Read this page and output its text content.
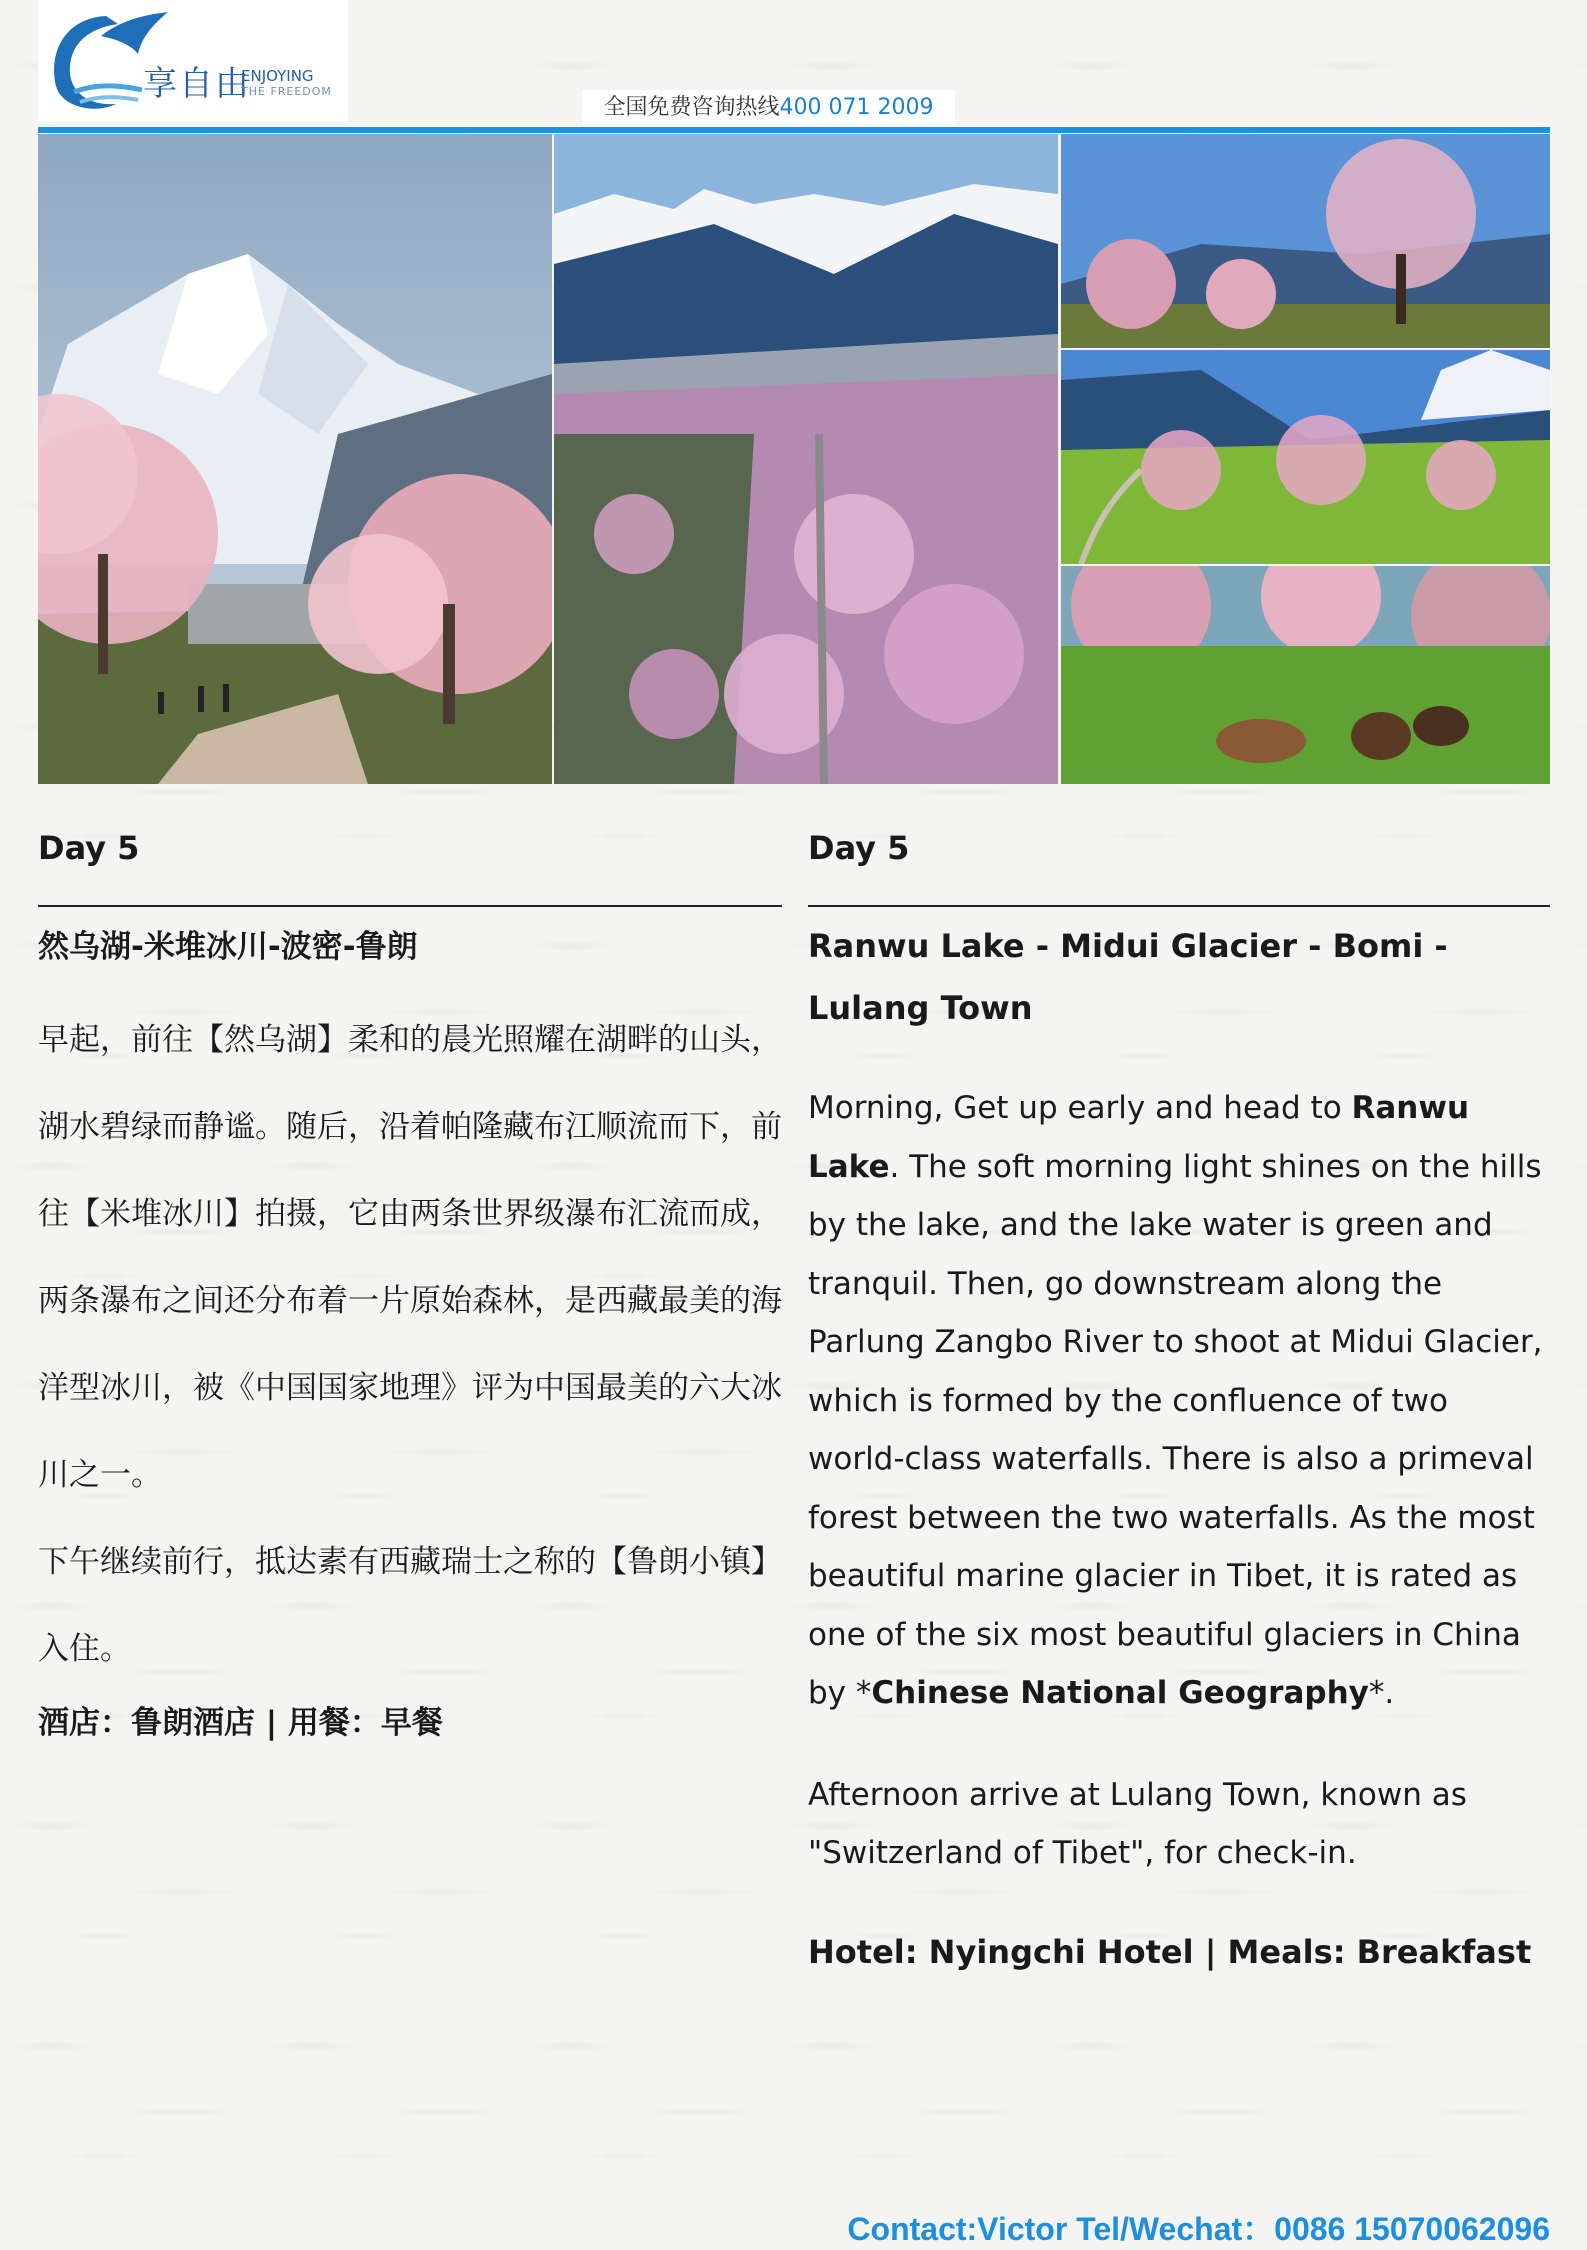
享自由
ENJOYING
THE FREEDOM
全国免费咨询热线400 071 2009

Day 5

然乌湖-米堆冰川-波密-鲁朗

早起，前往【然乌湖】柔和的晨光照耀在湖畔的山头，湖水碧绿而静谧。随后，沿着帕隆藏布江顺流而下，前往【米堆冰川】拍摄，它由两条世界级瀑布汇流而成，两条瀑布之间还分布着一片原始森林，是西藏最美的海洋型冰川，被《中国国家地理》评为中国最美的六大冰川之一。

下午继续前行，抵达素有西藏瑞士之称的【鲁朗小镇】入住。

酒店：鲁朗酒店 | 用餐：早餐

Day 5

Ranwu Lake - Midui Glacier - Bomi - Lulang Town

Morning, Get up early and head to Ranwu Lake. The soft morning light shines on the hills by the lake, and the lake water is green and tranquil. Then, go downstream along the Parlung Zangbo River to shoot at Midui Glacier, which is formed by the confluence of two world-class waterfalls. There is also a primeval forest between the two waterfalls. As the most beautiful marine glacier in Tibet, it is rated as one of the six most beautiful glaciers in China by *Chinese National Geography*.

Afternoon arrive at Lulang Town, known as "Switzerland of Tibet", for check-in.

Hotel: Nyingchi Hotel | Meals: Breakfast

Contact:Victor Tel/Wechat：0086 15070062096
